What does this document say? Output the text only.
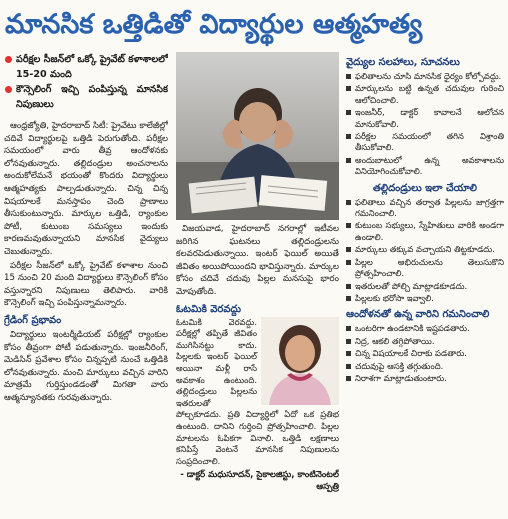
మానసిక ఒత్తిడితో విద్యార్థుల ఆత్మహత్య
పరీక్షల సీజన్‌లో ఒక్కో ప్రైవేట్ కళాశాలలో 15-20 మంది
కౌన్సెలింగ్ ఇచ్చి పంపిస్తున్న మానసిక నిపుణులు

ఆంధ్రజ్యోతి, హైదరాబాద్ సిటీ: ప్రైవేటు కాలేజీల్లో చదివే విద్యార్థులపై ఒత్తిడి పెరుగుతోంది. పరీక్షల సమయంలో వారు తీవ్ర ఆందోళనకు లోనవుతున్నారు. తల్లిదండ్రుల అంచనాలను అందుకోలేమనే భయంతో కొందరు విద్యార్థులు ఆత్మహత్యకు పాల్పడుతున్నారు. చిన్న చిన్న విషయాలకే మనస్తాపం చెంది ప్రాణాలు తీసుకుంటున్నారు. మార్కుల ఒత్తిడి, ర్యాంకుల పోటీ, కుటుంబ సమస్యలు ఇందుకు కారణమవుతున్నాయని మానసిక వైద్యులు చెబుతున్నారు.

పరీక్షల సీజన్‌లో ఒక్కో ప్రైవేట్ కళాశాల నుంచి 15 నుంచి 20 మంది విద్యార్థులు కౌన్సెలింగ్ కోసం వస్తున్నారని నిపుణులు తెలిపారు. వారికి కౌన్సెలింగ్ ఇచ్చి పంపిస్తున్నామన్నారు.

గ్రేడింగ్ ప్రభావం

విద్యార్థులు ఇంటర్మీడియట్ పరీక్షల్లో ర్యాంకుల కోసం తీవ్రంగా పోటీ పడుతున్నారు. ఇంజనీరింగ్, మెడిసిన్ ప్రవేశాల కోసం చిన్నప్పటి నుంచే ఒత్తిడికి లోనవుతున్నారు. మంచి మార్కులు వచ్చిన వారిని మాత్రమే గుర్తిస్తుండడంతో మిగతా వారు ఆత్మన్యూనతకు గురవుతున్నారు.

విజయవాడ, హైదరాబాద్ నగరాల్లో ఇటీవల జరిగిన ఘటనలు తల్లిదండ్రులను కలవరపెడుతున్నాయి. ఇంటర్ ఫెయిల్ అయితే జీవితం అయిపోయిందని భావిస్తున్నారు. మార్కుల కోసం చదివే చదువు పిల్లల మనసుపై భారం మోపుతోంది.

ఓటమికి వెరవద్దు
ఓటమికి వెరవద్దు. పరీక్షల్లో తప్పితే జీవితం ముగిసినట్టు కాదు. పిల్లలకు ఇంటర్ ఫెయిల్ అయినా మళ్లీ రాసే అవకాశం ఉంటుంది. తల్లిదండ్రులు పిల్లలను ఇతరులతో పోల్చకూడదు. ప్రతి విద్యార్థిలో ఏదో ఒక ప్రతిభ ఉంటుంది. దానిని గుర్తించి ప్రోత్సహించాలి. పిల్లల మాటలను ఓపికగా వినాలి. ఒత్తిడి లక్షణాలు కనిపిస్తే వెంటనే మానసిక నిపుణులను సంప్రదించాలి.
- డాక్టర్ మధుసూదన్, సైకాలజిస్టు, కాంటినెంటల్ ఆస్పత్రి
వైద్యుల సలహాలు, సూచనలు
ఫలితాలను చూసి మానసిక ధైర్యం కోల్పోవద్దు.
మార్కులను బట్టి ఉన్నత చదువుల గురించి ఆలోచించాలి.
ఇంజనీర్, డాక్టర్ కావాలనే ఆలోచన మానుకోవాలి.
పరీక్షల సమయంలో తగిన విశ్రాంతి తీసుకోవాలి.
అందుబాటులో ఉన్న అవకాశాలను వినియోగించుకోవాలి.
తల్లిదండ్రులు ఇలా చేయాలి
ఫలితాలు వచ్చిన తర్వాత పిల్లలను జాగ్రత్తగా గమనించాలి.
కుటుంబ సభ్యులు, స్నేహితులు వారికి అండగా ఉండాలి.
మార్కులు తక్కువ వచ్చాయని తిట్టకూడదు.
పిల్లల అభిరుచులను తెలుసుకొని ప్రోత్సహించాలి.
ఇతరులతో పోల్చి మాట్లాడకూడదు.
పిల్లలకు భరోసా ఇవ్వాలి.
ఆందోళనతో ఉన్న వారిని గమనించాలి
ఒంటరిగా ఉండటానికి ఇష్టపడతారు.
నిద్ర, ఆకలి తగ్గిపోతాయి.
చిన్న విషయాలకే చిరాకు పడతారు.
చదువుపై ఆసక్తి తగ్గుతుంది.
నిరాశగా మాట్లాడుతుంటారు.
